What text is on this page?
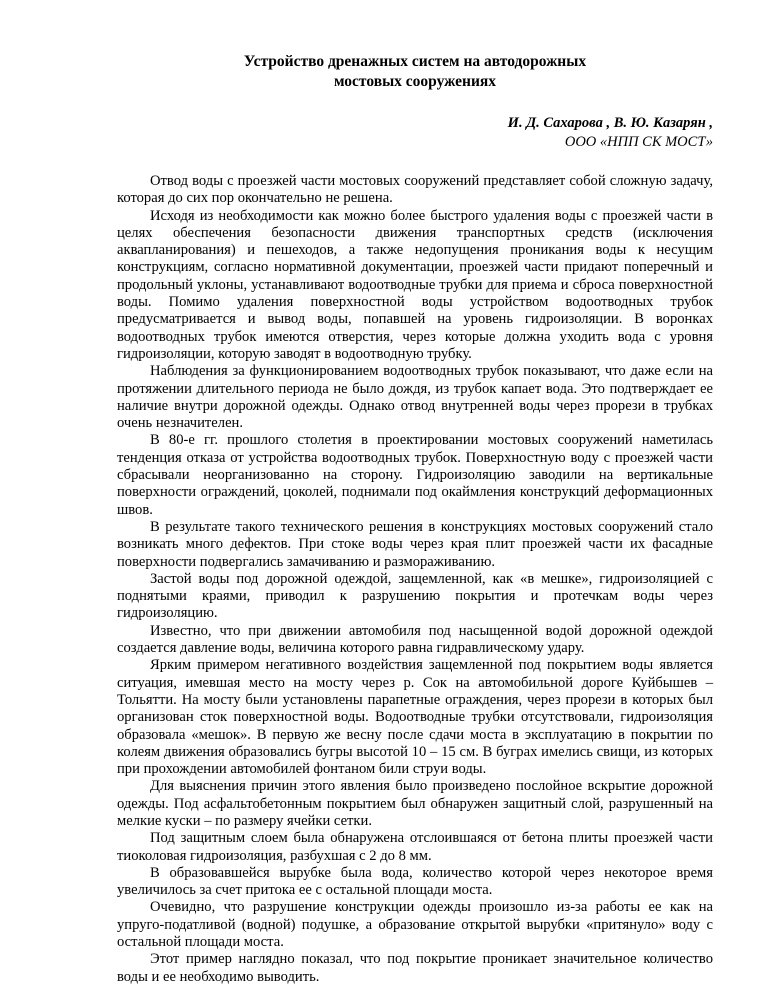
Устройство дренажных систем на автодорожных
мостовых сооружениях
И. Д. Сахарова , В. Ю. Казарян ,
ООО «НПП СК МОСТ»

Отвод воды с проезжей части мостовых сооружений представляет собой сложную задачу, которая до сих пор окончательно не решена.

Исходя из необходимости как можно более быстрого удаления воды с проезжей части в целях обеспечения безопасности движения транспортных средств (исключения аквапланирования) и пешеходов, а также недопущения проникания воды к несущим конструкциям, согласно нормативной документации, проезжей части придают поперечный и продольный уклоны, устанавливают водоотводные трубки для приема и сброса поверхностной воды. Помимо удаления поверхностной воды устройством водоотводных трубок предусматривается и вывод воды, попавшей на уровень гидроизоляции. В воронках водоотводных трубок имеются отверстия, через которые должна уходить вода с уровня гидроизоляции, которую заводят в водоотводную трубку.

Наблюдения за функционированием водоотводных трубок показывают, что даже если на протяжении длительного периода не было дождя, из трубок капает вода. Это подтверждает ее наличие внутри дорожной одежды. Однако отвод внутренней воды через прорези в трубках очень незначителен.

В 80-е гг. прошлого столетия в проектировании мостовых сооружений наметилась тенденция отказа от устройства водоотводных трубок. Поверхностную воду с проезжей части сбрасывали неорганизованно на сторону. Гидроизоляцию заводили на вертикальные поверхности ограждений, цоколей, поднимали под окаймления конструкций деформационных швов.

В результате такого технического решения в конструкциях мостовых сооружений стало возникать много дефектов. При стоке воды через края плит проезжей части их фасадные поверхности подвергались замачиванию и размораживанию.

Застой воды под дорожной одеждой, защемленной, как «в мешке», гидроизоляцией с поднятыми краями, приводил к разрушению покрытия и протечкам воды через гидроизоляцию.

Известно, что при движении автомобиля под насыщенной водой дорожной одеждой создается давление воды, величина которого равна гидравлическому удару.

Ярким примером негативного воздействия защемленной под покрытием воды является ситуация, имевшая место на мосту через р. Сок на автомобильной дороге Куйбышев – Тольятти. На мосту были установлены парапетные ограждения, через прорези в которых был организован сток поверхностной воды. Водоотводные трубки отсутствовали, гидроизоляция образовала «мешок». В первую же весну после сдачи моста в эксплуатацию в покрытии по колеям движения образовались бугры высотой 10 – 15 см. В буграх имелись свищи, из которых при прохождении автомобилей фонтаном били струи воды.

Для выяснения причин этого явления было произведено послойное вскрытие дорожной одежды. Под асфальтобетонным покрытием был обнаружен защитный слой, разрушенный на мелкие куски – по размеру ячейки сетки.

Под защитным слоем была обнаружена отслоившаяся от бетона плиты проезжей части тиоколовая гидроизоляция, разбухшая с 2 до 8 мм.

В образовавшейся вырубке была вода, количество которой через некоторое время увеличилось за счет притока ее с остальной площади моста.

Очевидно, что разрушение конструкции одежды произошло из-за работы ее как на упруго-податливой (водной) подушке, а образование открытой вырубки «притянуло» воду с остальной площади моста.

Этот пример наглядно показал, что под покрытие проникает значительное количество воды и ее необходимо выводить.
